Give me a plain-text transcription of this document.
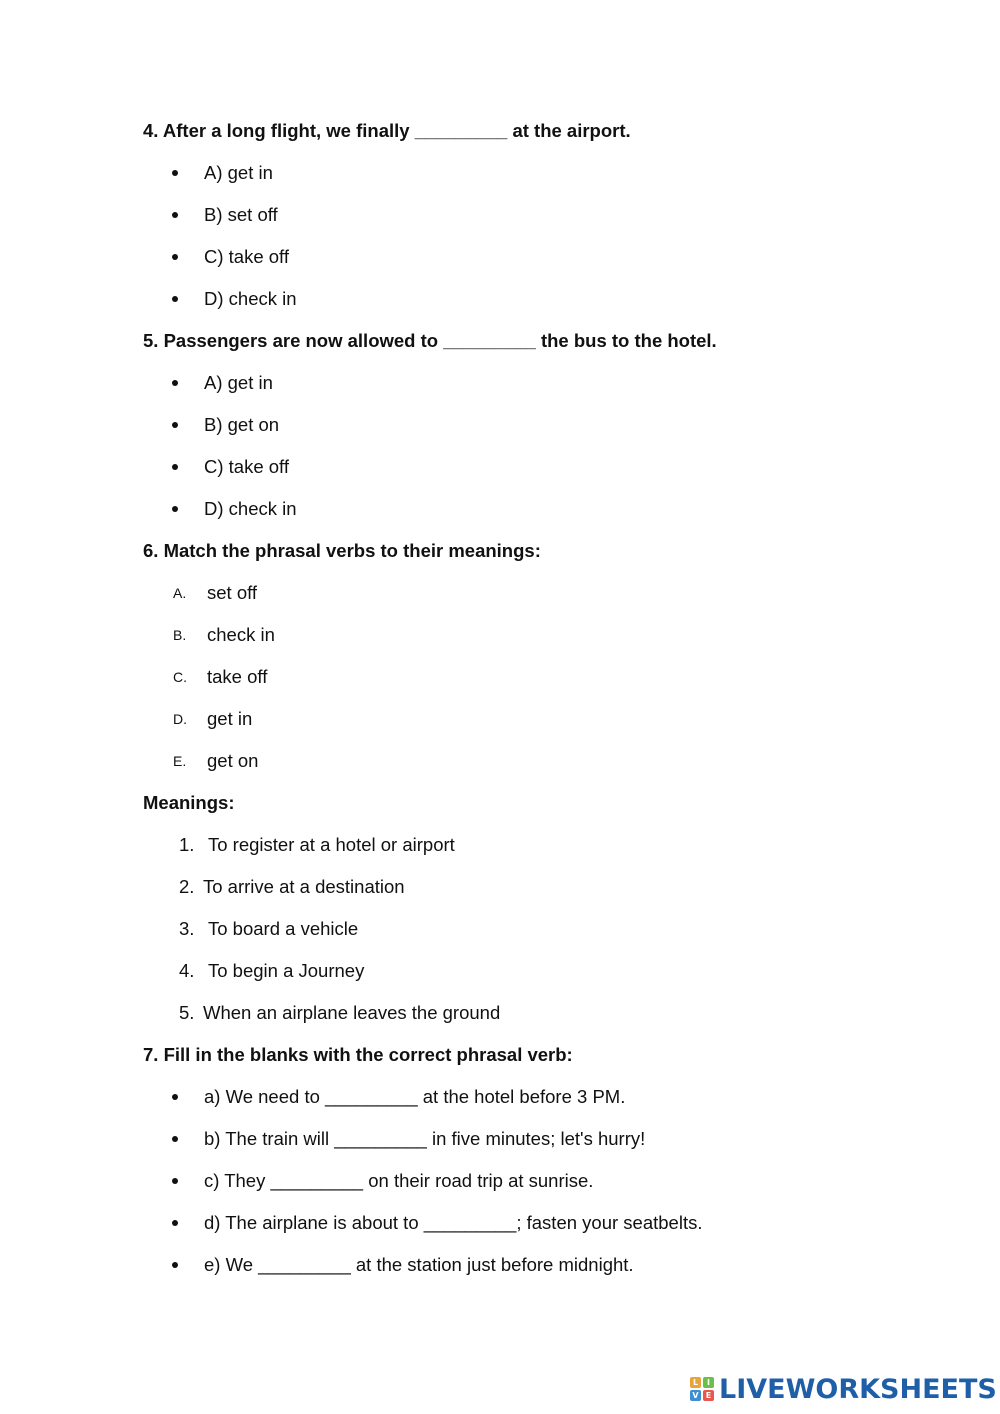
4. After a long flight, we finally _________ at the airport.
A) get in
B) set off
C) take off
D) check in
5. Passengers are now allowed to _________ the bus to the hotel.
A) get in
B) get on
C) take off
D) check in
6. Match the phrasal verbs to their meanings:
A. set off
B. check in
C. take off
D. get in
E. get on
Meanings:
1. To register at a hotel or airport
2. To arrive at a destination
3. To board a vehicle
4. To begin a Journey
5. When an airplane leaves the ground
7. Fill in the blanks with the correct phrasal verb:
a) We need to _________ at the hotel before 3 PM.
b) The train will _________ in five minutes; let's hurry!
c) They _________ on their road trip at sunrise.
d) The airplane is about to _________; fasten your seatbelts.
e) We _________ at the station just before midnight.
L	I
V E LIVEWORKSHEETS
